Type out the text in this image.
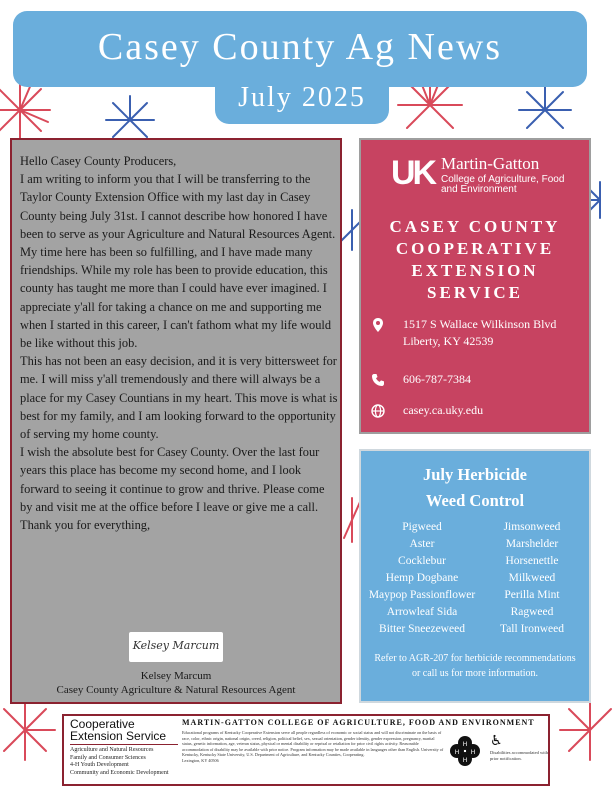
Casey County Ag News
July 2025

Hello Casey County Producers,

I am writing to inform you that I will be transferring to the Taylor County Extension Office with my last day in Casey County being July 31st. I cannot describe how honored I have been to serve as your Agriculture and Natural Resources Agent. My time here has been so fulfilling, and I have made many friendships. While my role has been to provide education, this county has taught me more than I could have ever imagined. I appreciate y'all for taking a chance on me and supporting me when I started in this career, I can't fathom what my life would be like without this job.

This has not been an easy decision, and it is very bittersweet for me. I will miss y'all tremendously and there will always be a place for my Casey Countians in my heart. This move is what is best for my family, and I am looking forward to the opportunity of serving my home county.

I wish the absolute best for Casey County. Over the last four years this place has become my second home, and I look forward to seeing it continue to grow and thrive. Please come by and visit me at the office before I leave or give me a call.

Thank you for everything,

Kelsey Marcum
Kelsey Marcum
Casey County Agriculture & Natural Resources Agent
UK Martin-Gatton
College of Agriculture, Food and Environment
CASEY COUNTY
COOPERATIVE
EXTENSION
SERVICE
1517 S Wallace Wilkinson Blvd
Liberty, KY 42539
606-787-7384
casey.ca.uky.edu
July Herbicide
Weed Control
Pigweed
Aster
Cocklebur
Hemp Dogbane
Maypop Passionflower
Arrowleaf Sida
Bitter Sneezeweed
Jimsonweed
Marshelder
Horsenettle
Milkweed
Perilla Mint
Ragweed
Tall Ironweed
Refer to AGR-207 for herbicide recommendations or call us for more information.
Cooperative
Extension Service
Agriculture and Natural Resources
Family and Consumer Sciences
4-H Youth Development
Community and Economic Development
MARTIN-GATTON COLLEGE OF AGRICULTURE, FOOD AND ENVIRONMENT
Educational programs of Kentucky Cooperative Extension serve all people regardless of economic or social status and will not discriminate on the basis of race, color, ethnic origin, national origin, creed, religion, political belief, sex, sexual orientation, gender identity, gender expression, pregnancy, marital status, genetic information, age, veteran status, physical or mental disability or reprisal or retaliation for prior civil rights activity. Reasonable accommodation of disability may be available with prior notice. Program information may be made available in languages other than English. University of Kentucky, Kentucky State University, U.S. Department of Agriculture, and Kentucky Counties, Cooperating.
Lexington, KY 40506
H
H
H
H
♿
Disabilities accommodated with prior notification.
